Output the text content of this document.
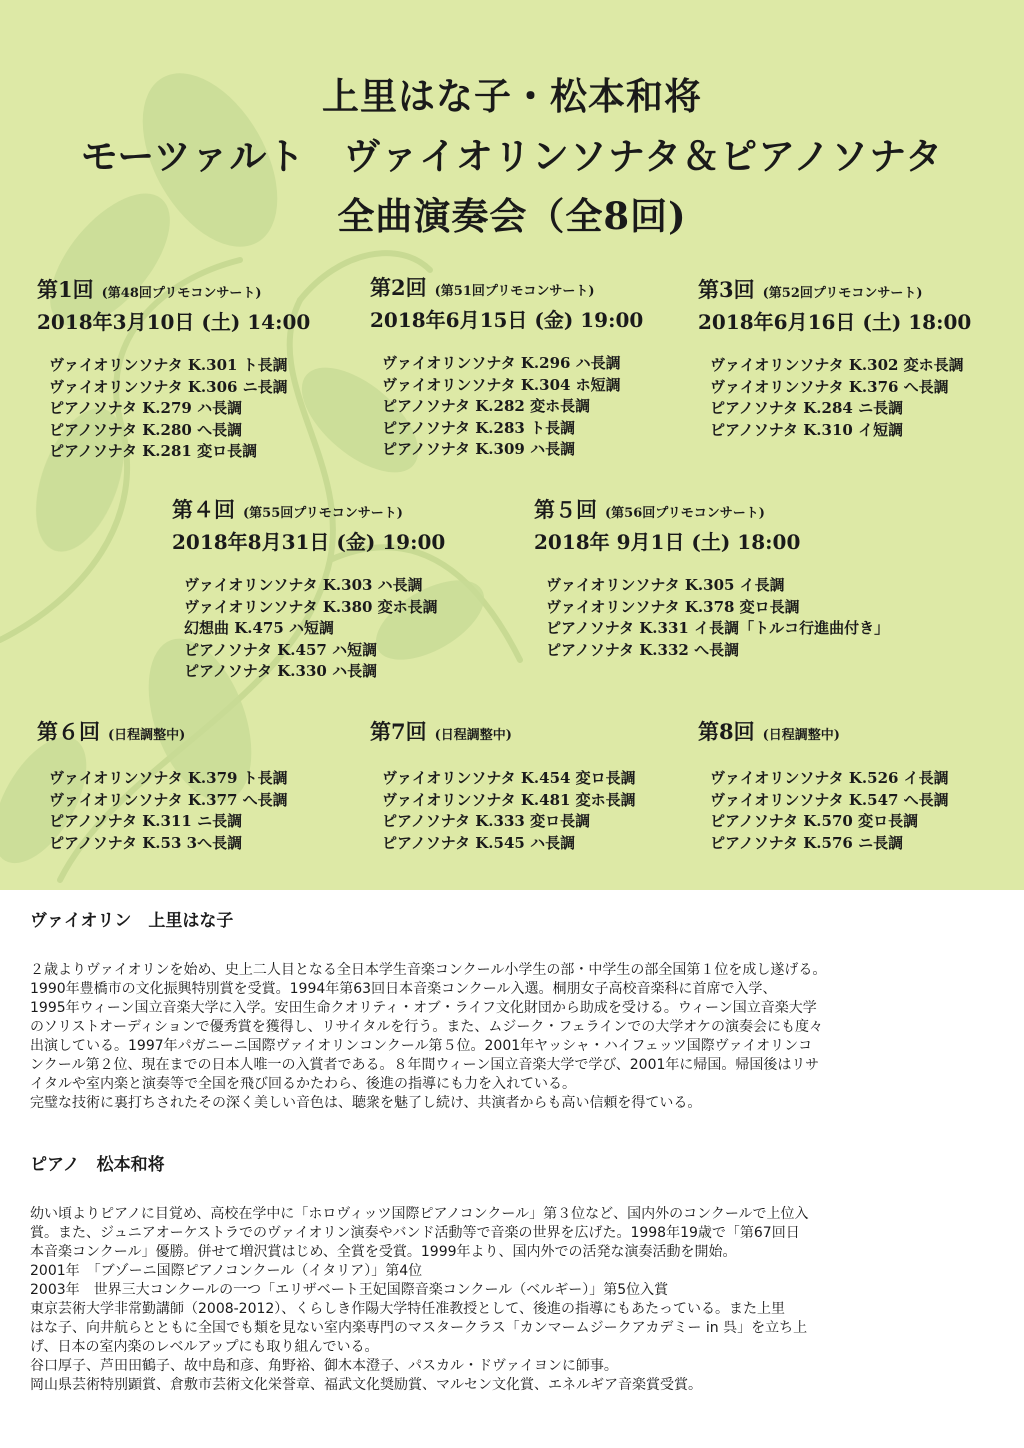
上里はな子・松本和将
モーツァルト　ヴァイオリンソナタ＆ピアノソナタ
全曲演奏会（全8回)
第1回 (第48回プリモコンサート)
2018年3月10日 (土) 14:00
ヴァイオリンソナタ K.301 ト長調
ヴァイオリンソナタ K.306 ニ長調
ピアノソナタ K.279 ハ長調
ピアノソナタ K.280 へ長調
ピアノソナタ K.281 変ロ長調
第2回 (第51回プリモコンサート)
2018年6月15日 (金) 19:00
ヴァイオリンソナタ K.296 ハ長調
ヴァイオリンソナタ K.304 ホ短調
ピアノソナタ K.282 変ホ長調
ピアノソナタ K.283 ト長調
ピアノソナタ K.309 ハ長調
第3回 (第52回プリモコンサート)
2018年6月16日 (土) 18:00
ヴァイオリンソナタ K.302 変ホ長調
ヴァイオリンソナタ K.376 へ長調
ピアノソナタ K.284 ニ長調
ピアノソナタ K.310 イ短調
第４回 (第55回プリモコンサート)
2018年8月31日 (金) 19:00
ヴァイオリンソナタ K.303 ハ長調
ヴァイオリンソナタ K.380 変ホ長調
幻想曲 K.475 ハ短調
ピアノソナタ K.457 ハ短調
ピアノソナタ K.330 ハ長調
第５回 (第56回プリモコンサート)
2018年 9月1日 (土) 18:00
ヴァイオリンソナタ K.305 イ長調
ヴァイオリンソナタ K.378 変ロ長調
ピアノソナタ K.331 イ長調「トルコ行進曲付き」
ピアノソナタ K.332 へ長調
第６回 (日程調整中)
ヴァイオリンソナタ K.379 ト長調
ヴァイオリンソナタ K.377 へ長調
ピアノソナタ K.311 ニ長調
ピアノソナタ K.53 3へ長調
第7回 (日程調整中)
ヴァイオリンソナタ K.454 変ロ長調
ヴァイオリンソナタ K.481 変ホ長調
ピアノソナタ K.333 変ロ長調
ピアノソナタ K.545 ハ長調
第8回 (日程調整中)
ヴァイオリンソナタ K.526 イ長調
ヴァイオリンソナタ K.547 へ長調
ピアノソナタ K.570 変ロ長調
ピアノソナタ K.576 ニ長調
ヴァイオリン　上里はな子
２歳よりヴァイオリンを始め、史上二人目となる全日本学生音楽コンクール小学生の部・中学生の部全国第１位を成し遂げる。
1990年豊橋市の文化振興特別賞を受賞。1994年第63回日本音楽コンクール入選。桐朋女子高校音楽科に首席で入学、
1995年ウィーン国立音楽大学に入学。安田生命クオリティ・オブ・ライフ文化財団から助成を受ける。ウィーン国立音楽大学
のソリストオーディションで優秀賞を獲得し、リサイタルを行う。また、ムジーク・フェラインでの大学オケの演奏会にも度々
出演している。1997年パガニーニ国際ヴァイオリンコンクール第５位。2001年ヤッシャ・ハイフェッツ国際ヴァイオリンコ
ンクール第２位、現在までの日本人唯一の入賞者である。８年間ウィーン国立音楽大学で学び、2001年に帰国。帰国後はリサ
イタルや室内楽と演奏等で全国を飛び回るかたわら、後進の指導にも力を入れている。
完璧な技術に裏打ちされたその深く美しい音色は、聴衆を魅了し続け、共演者からも高い信頼を得ている。
ピアノ　松本和将
幼い頃よりピアノに目覚め、高校在学中に「ホロヴィッツ国際ピアノコンクール」第３位など、国内外のコンクールで上位入
賞。また、ジュニアオーケストラでのヴァイオリン演奏やバンド活動等で音楽の世界を広げた。1998年19歳で「第67回日
本音楽コンクール」優勝。併せて増沢賞はじめ、全賞を受賞。1999年より、国内外での活発な演奏活動を開始。
2001年　「ブゾーニ国際ピアノコンクール（イタリア）」第4位
2003年　世界三大コンクールの一つ「エリザベート王妃国際音楽コンクール（ベルギー）」第5位入賞
東京芸術大学非常勤講師（2008-2012）、くらしき作陽大学特任准教授として、後進の指導にもあたっている。また上里
はな子、向井航らとともに全国でも類を見ない室内楽専門のマスタークラス「カンマームジークアカデミー in 呉」を立ち上
げ、日本の室内楽のレベルアップにも取り組んでいる。
谷口厚子、芦田田鶴子、故中島和彦、角野裕、御木本澄子、パスカル・ドヴァイヨンに師事。
岡山県芸術特別顕賞、倉敷市芸術文化栄誉章、福武文化奨励賞、マルセン文化賞、エネルギア音楽賞受賞。
